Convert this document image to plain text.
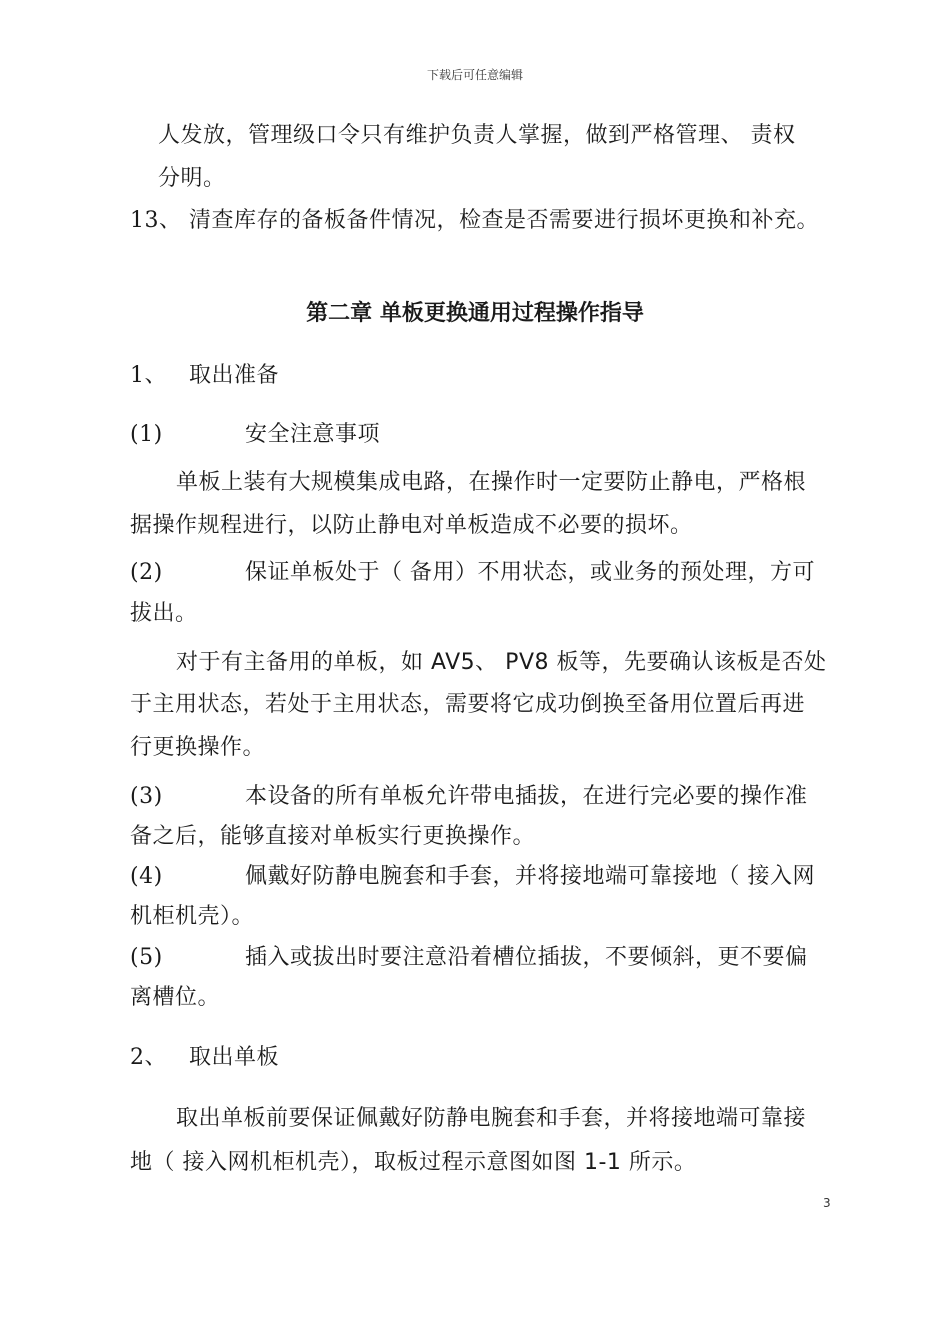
下载后可任意编辑
人发放，管理级口令只有维护负责人掌握，做到严格管理、 责权
分明。
13、 清查库存的备板备件情况，检查是否需要进行损坏更换和补充。
第二章 单板更换通用过程操作指导
1、 取出准备
(1)	安全注意事项
单板上装有大规模集成电路，在操作时一定要防止静电，严格根
据操作规程进行，以防止静电对单板造成不必要的损坏。
(2)	保证单板处于（ 备用）不用状态，或业务的预处理，方可
拔出。
对于有主备用的单板，如 AV5、 PV8 板等，先要确认该板是否处
于主用状态，若处于主用状态，需要将它成功倒换至备用位置后再进
行更换操作。
(3)	本设备的所有单板允许带电插拔，在进行完必要的操作准
备之后，能够直接对单板实行更换操作。
(4)	佩戴好防静电腕套和手套，并将接地端可靠接地（ 接入网
机柜机壳）。
(5)	插入或拔出时要注意沿着槽位插拔，不要倾斜，更不要偏
离槽位。
2、 取出单板
取出单板前要保证佩戴好防静电腕套和手套，并将接地端可靠接
地（ 接入网机柜机壳），取板过程示意图如图 1-1 所示。
3
